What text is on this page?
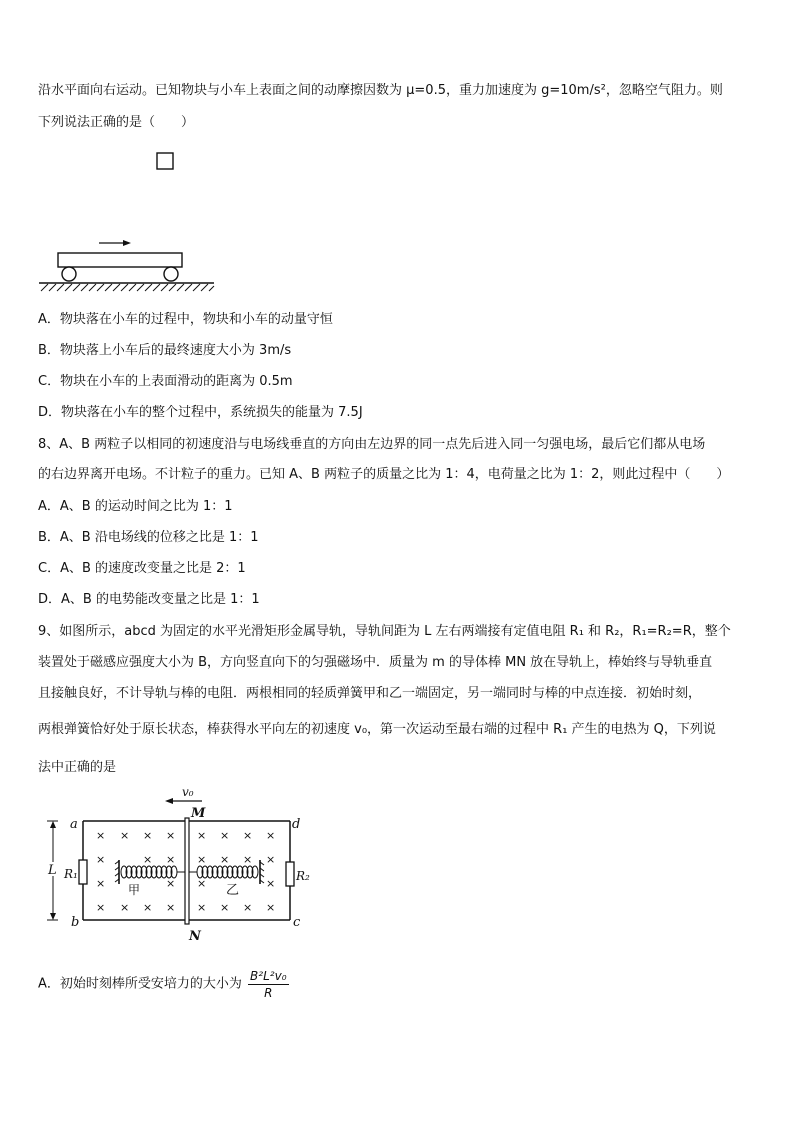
沿水平面向右运动。已知物块与小车上表面之间的动摩擦因数为 μ=0.5，重力加速度为 g=10m/s²，忽略空气阻力。则
下列说法正确的是（　　）
A．物块落在小车的过程中，物块和小车的动量守恒
B．物块落上小车后的最终速度大小为 3m/s
C．物块在小车的上表面滑动的距离为 0.5m
D．物块落在小车的整个过程中，系统损失的能量为 7.5J
8、A、B 两粒子以相同的初速度沿与电场线垂直的方向由左边界的同一点先后进入同一匀强电场，最后它们都从电场
的右边界离开电场。不计粒子的重力。已知 A、B 两粒子的质量之比为 1：4，电荷量之比为 1：2，则此过程中（　　）
A．A、B 的运动时间之比为 1：1
B．A、B 沿电场线的位移之比是 1：1
C．A、B 的速度改变量之比是 2：1
D．A、B 的电势能改变量之比是 1：1
9、如图所示，abcd 为固定的水平光滑矩形金属导轨，导轨间距为 L 左右两端接有定值电阻 R₁ 和 R₂，R₁=R₂=R，整个
装置处于磁感应强度大小为 B，方向竖直向下的匀强磁场中．质量为 m 的导体棒 MN 放在导轨上，棒始终与导轨垂直
且接触良好，不计导轨与棒的电阻．两根相同的轻质弹簧甲和乙一端固定，另一端同时与棒的中点连接．初始时刻，
两根弹簧恰好处于原长状态，棒获得水平向左的初速度 v₀，第一次运动至最右端的过程中 R₁ 产生的电热为 Q，下列说
法中正确的是
v₀
M
a	d
b	c
N
L R₁	R₂
甲	乙
× × × × × × × ×
×	× × × × × ×
×	× ×	×
× × × × × × × ×
A．初始时刻棒所受安培力的大小为 $\frac{\text{B²L²v₀}}{R}$
